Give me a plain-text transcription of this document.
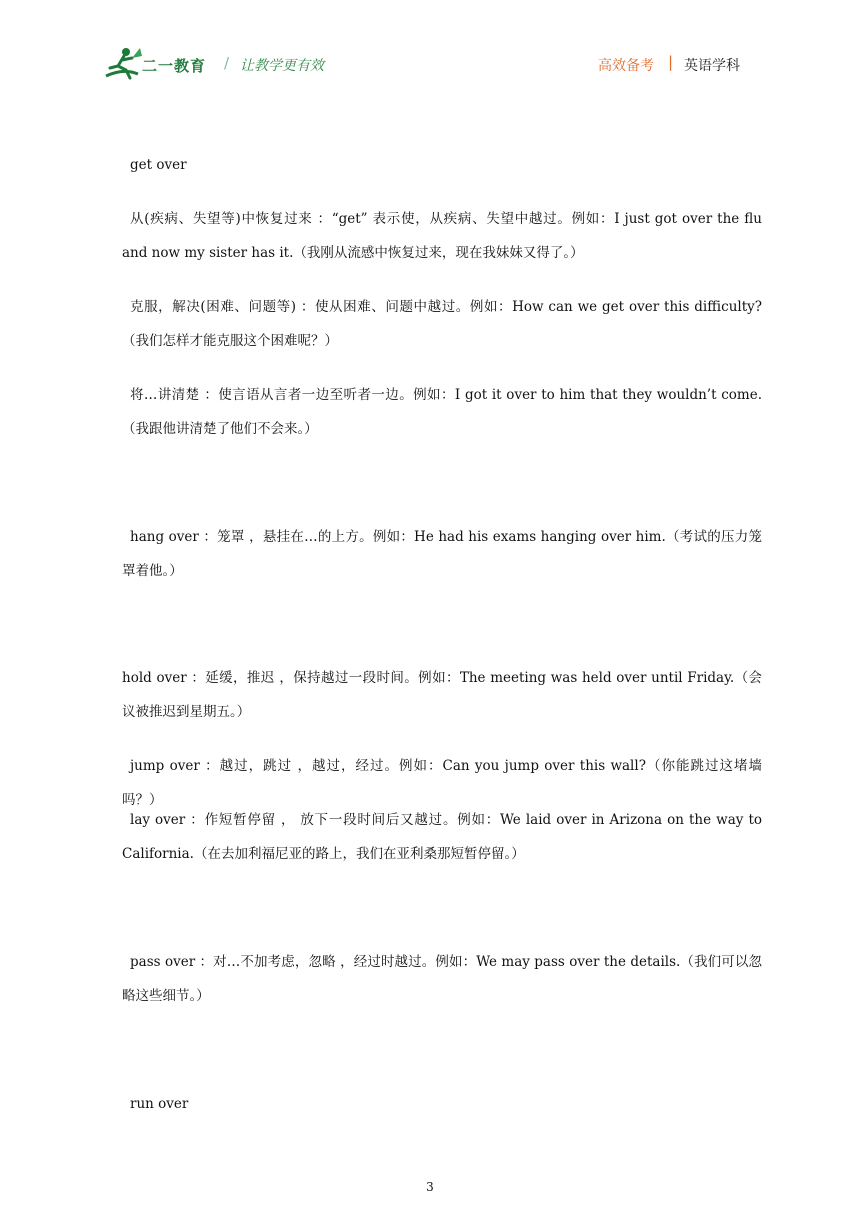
二一教育 / 让教学更有效	高效备考 | 英语学科
get over
从(疾病、失望等)中恢复过来 ：“get” 表示使，从疾病、失望中越过。例如：I just got over the flu and now my sister has it.（我刚从流感中恢复过来，现在我妹妹又得了。）
克服，解决(困难、问题等) ：使从困难、问题中越过。例如：How can we get over this difficulty?（我们怎样才能克服这个困难呢？）
将…讲清楚 ：使言语从言者一边至听者一边。例如：I got it over to him that they wouldn’t come.（我跟他讲清楚了他们不会来。）
hang over ：笼罩 ，悬挂在…的上方。例如：He had his exams hanging over him.（考试的压力笼罩着他。）
hold over ：延缓，推迟 ，保持越过一段时间。例如：The meeting was held over until Friday.（会议被推迟到星期五。）
jump over ：越过，跳过 ，越过，经过。例如：Can you jump over this wall?（你能跳过这堵墙吗？）
lay over ：作短暂停留 ， 放下一段时间后又越过。例如：We laid over in Arizona on the way to California.（在去加利福尼亚的路上，我们在亚利桑那短暂停留。）
pass over ：对…不加考虑，忽略 ，经过时越过。例如：We may pass over the details.（我们可以忽略这些细节。）
run over
3
